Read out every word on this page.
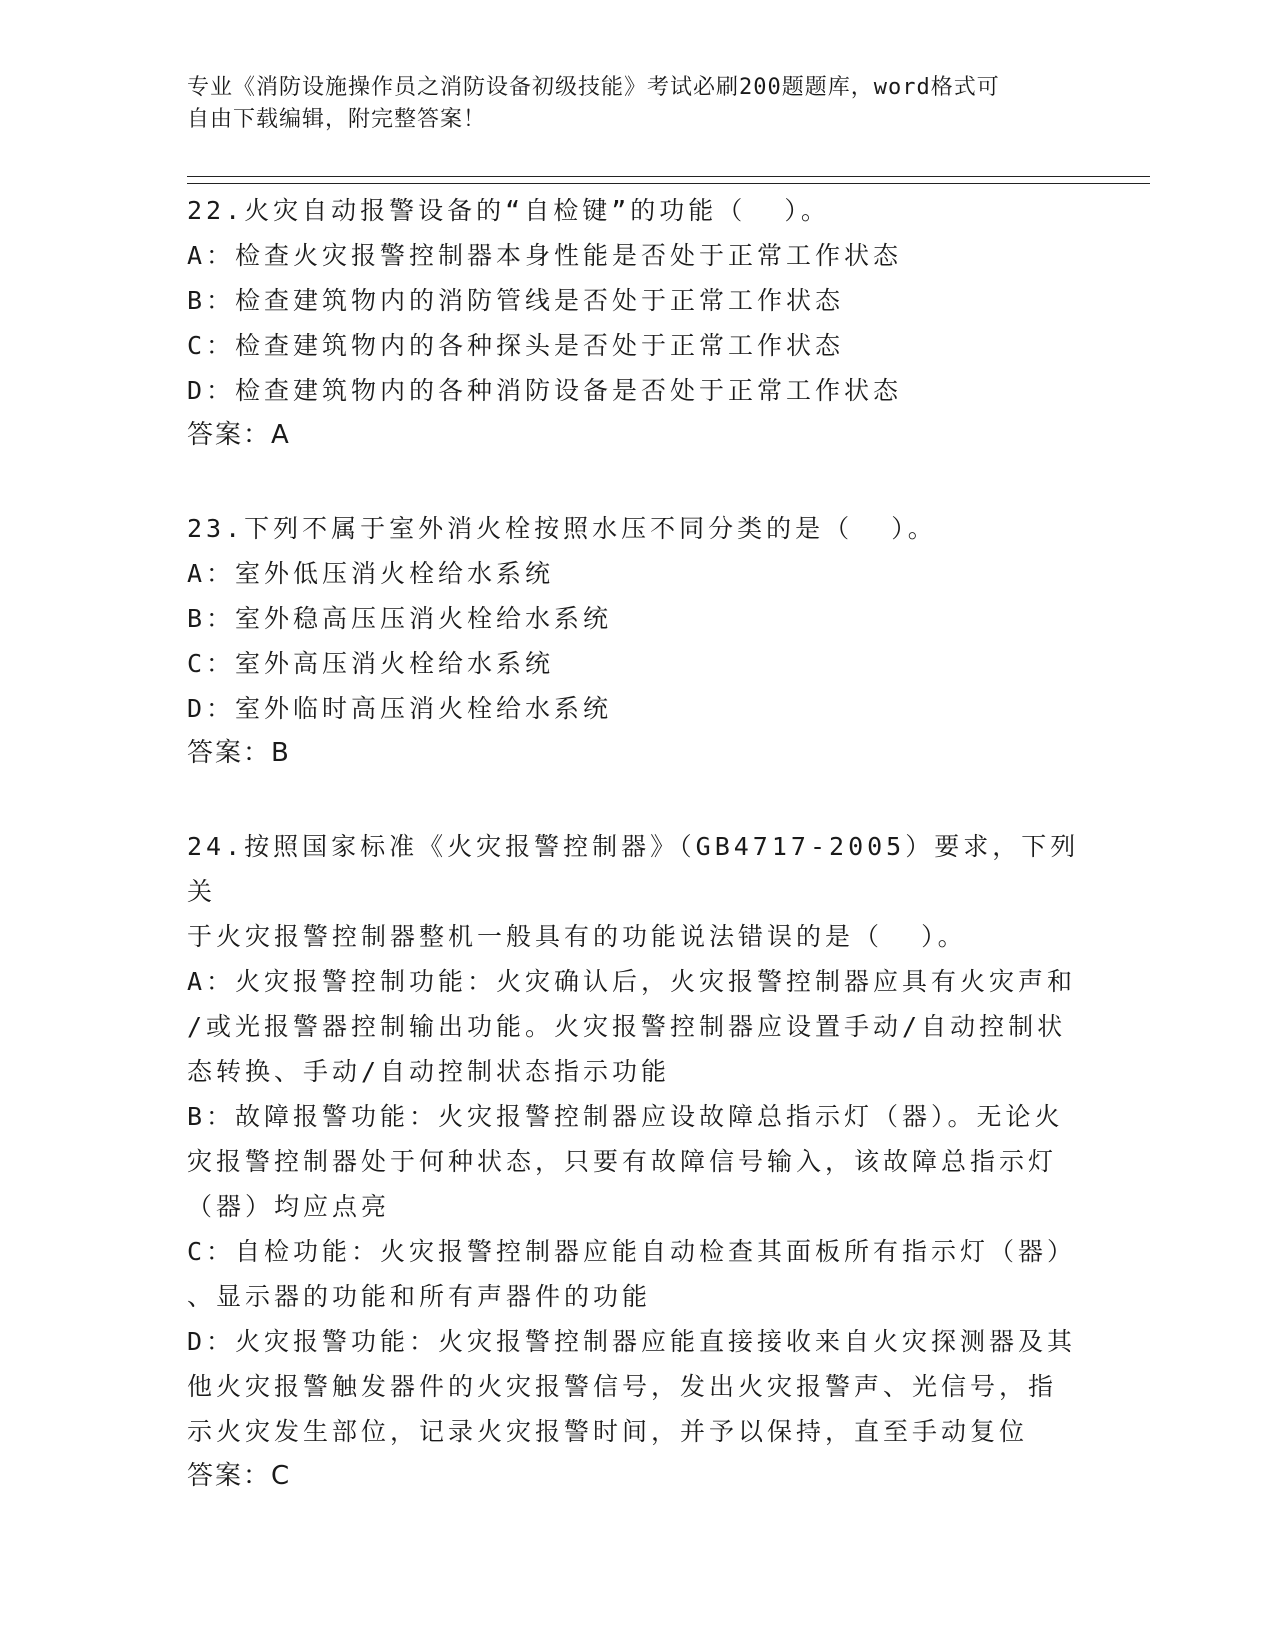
专业《消防设施操作员之消防设备初级技能》考试必刷200题题库，word格式可
自由下载编辑，附完整答案！
22.火灾自动报警设备的“自检键”的功能（  ）。
A：检查火灾报警控制器本身性能是否处于正常工作状态
B：检查建筑物内的消防管线是否处于正常工作状态
C：检查建筑物内的各种探头是否处于正常工作状态
D：检查建筑物内的各种消防设备是否处于正常工作状态
答案：A
23.下列不属于室外消火栓按照水压不同分类的是（  ）。
A：室外低压消火栓给水系统
B：室外稳高压压消火栓给水系统
C：室外高压消火栓给水系统
D：室外临时高压消火栓给水系统
答案：B
24.按照国家标准《火灾报警控制器》（GB4717-2005）要求，下列关
于火灾报警控制器整机一般具有的功能说法错误的是（  ）。
A：火灾报警控制功能：火灾确认后，火灾报警控制器应具有火灾声和
/或光报警器控制输出功能。火灾报警控制器应设置手动/自动控制状
态转换、手动/自动控制状态指示功能
B：故障报警功能：火灾报警控制器应设故障总指示灯（器）。无论火
灾报警控制器处于何种状态，只要有故障信号输入，该故障总指示灯
（器）均应点亮
C：自检功能：火灾报警控制器应能自动检查其面板所有指示灯（器）
、显示器的功能和所有声器件的功能
D：火灾报警功能：火灾报警控制器应能直接接收来自火灾探测器及其
他火灾报警触发器件的火灾报警信号，发出火灾报警声、光信号，指
示火灾发生部位，记录火灾报警时间，并予以保持，直至手动复位
答案：C
